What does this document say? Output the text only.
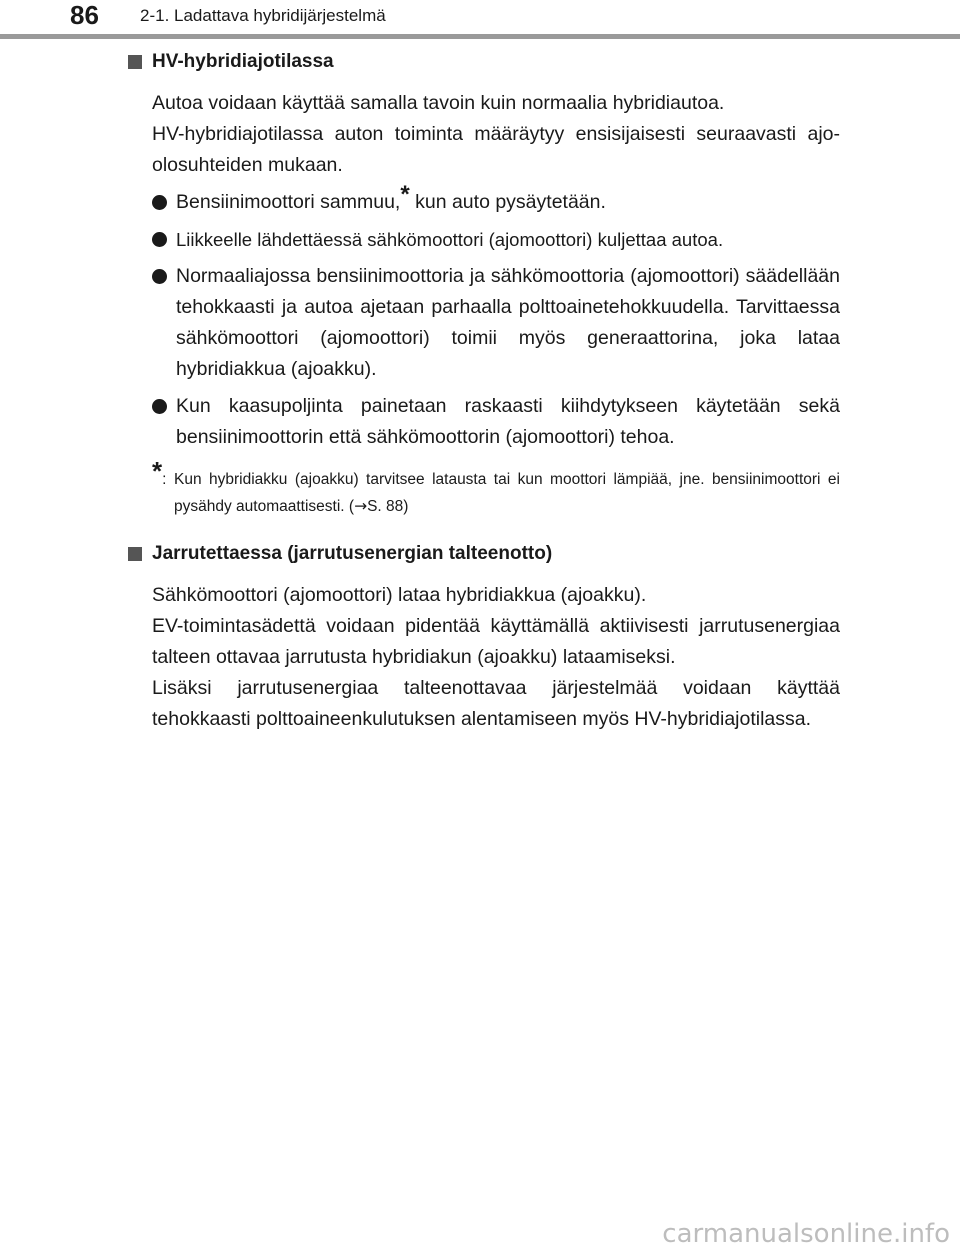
86 2-1. Ladattava hybridijärjestelmä
HV-hybridiajotilassa
Autoa voidaan käyttää samalla tavoin kuin normaalia hybridiautoa.
HV-hybridiajotilassa auton toiminta määräytyy ensisijaisesti seuraavasti ajo-olosuhteiden mukaan.
Bensiinimoottori sammuu,* kun auto pysäytetään.
Liikkeelle lähdettäessä sähkömoottori (ajomoottori) kuljettaa autoa.
Normaaliajossa bensiinimoottoria ja sähkömoottoria (ajomoottori) säädellään tehokkaasti ja autoa ajetaan parhaalla polttoainetehokkuudella. Tarvittaessa sähkömoottori (ajomoottori) toimii myös generaattorina, joka lataa hybridiakkua (ajoakku).
Kun kaasupoljinta painetaan raskaasti kiihdytykseen käytetään sekä bensiinimoottorin että sähkömoottorin (ajomoottori) tehoa.
*: Kun hybridiakku (ajoakku) tarvitsee latausta tai kun moottori lämpiää, jne. bensiinimoottori ei pysähdy automaattisesti. (→S. 88)
Jarrutettaessa (jarrutusenergian talteenotto)
Sähkömoottori (ajomoottori) lataa hybridiakkua (ajoakku).
EV-toimintasädettä voidaan pidentää käyttämällä aktiivisesti jarrutusenergiaa talteen ottavaa jarrutusta hybridiakun (ajoakku) lataamiseksi.
Lisäksi jarrutusenergiaa talteenottavaa järjestelmää voidaan käyttää tehokkaasti polttoaineenkulutuksen alentamiseen myös HV-hybridiajotilassa.
carmanualsonline.info
